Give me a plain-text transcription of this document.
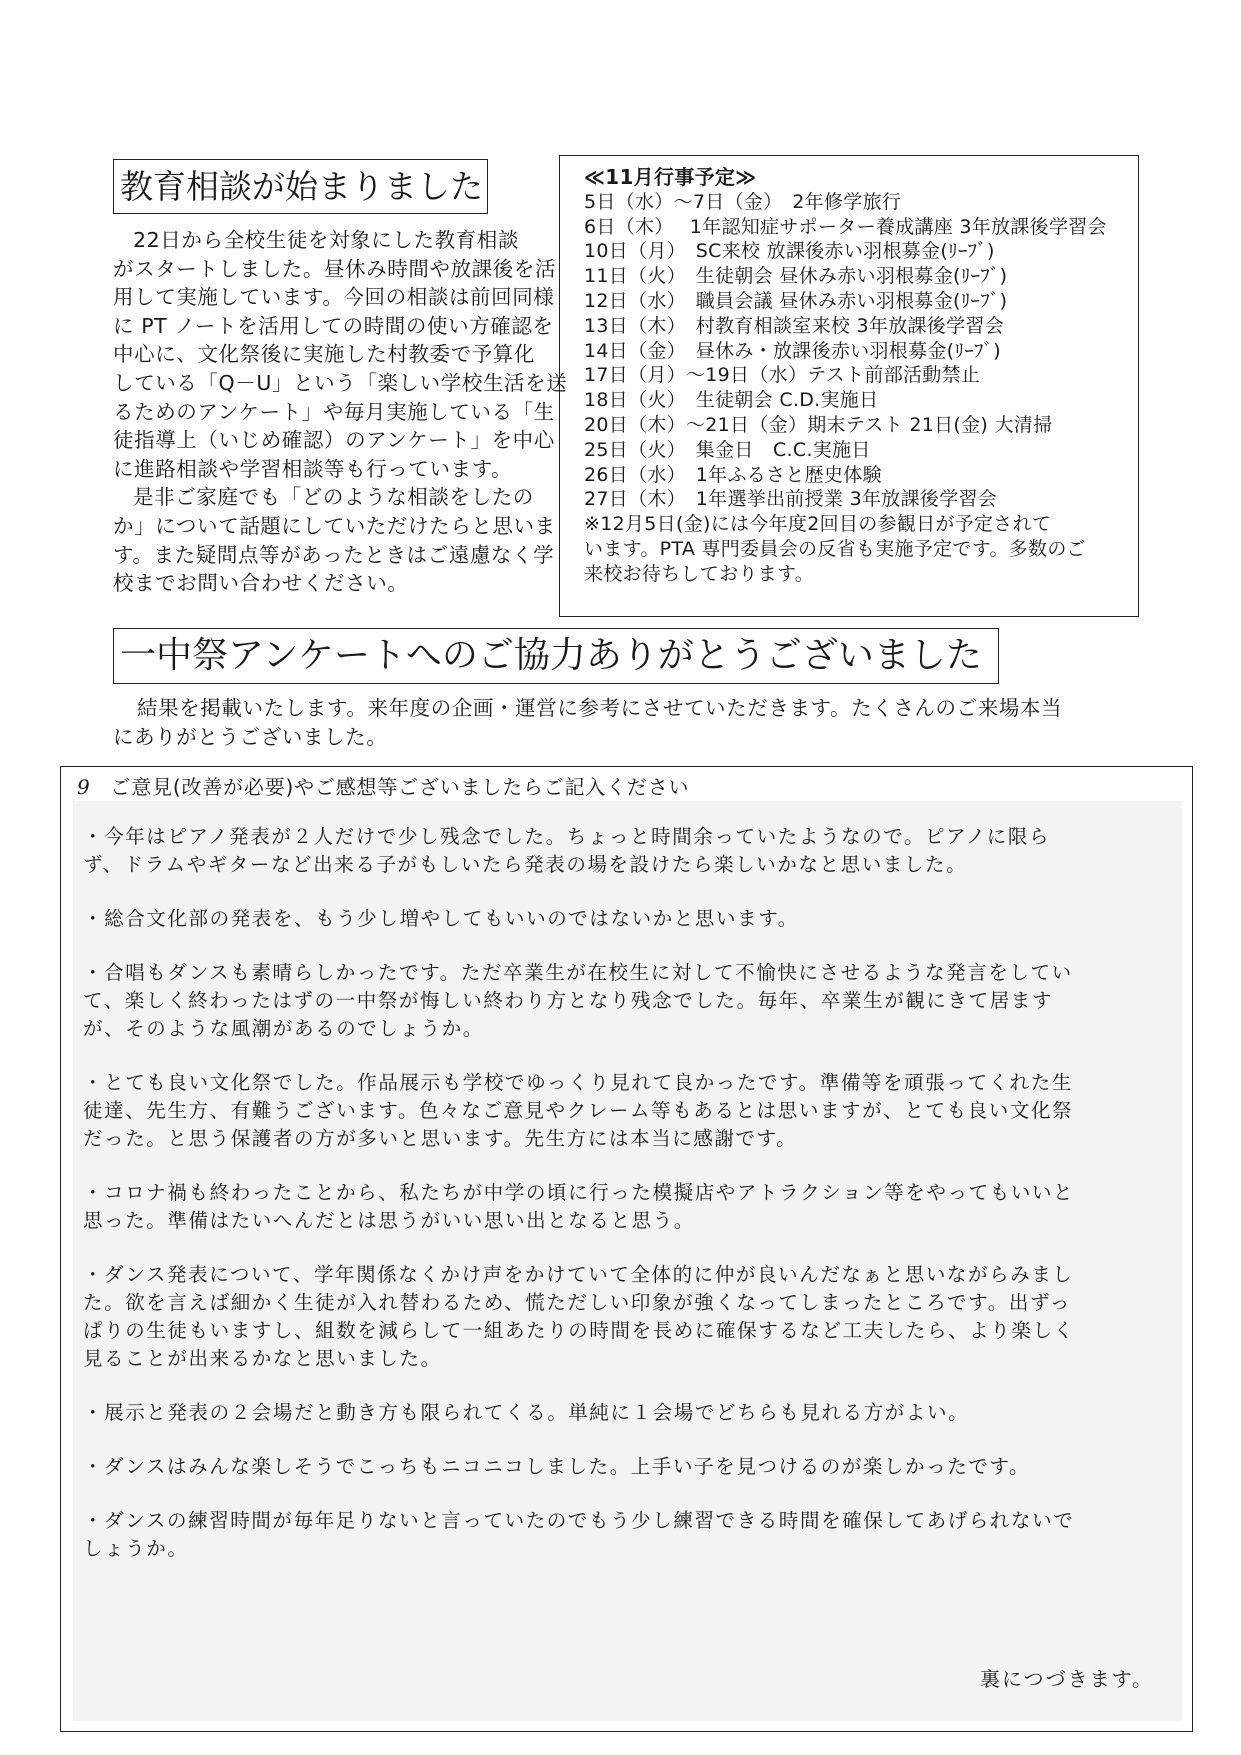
教育相談が始まりました
22日から全校生徒を対象にした教育相談
がスタートしました。昼休み時間や放課後を活
用して実施しています。今回の相談は前回同様
に PT ノートを活用しての時間の使い方確認を
中心に、文化祭後に実施した村教委で予算化
している「Q－U」という「楽しい学校生活を送
るためのアンケート」や毎月実施している「生
徒指導上（いじめ確認）のアンケート」を中心
に進路相談や学習相談等も行っています。
是非ご家庭でも「どのような相談をしたの
か」について話題にしていただけたらと思いま
す。また疑問点等があったときはご遠慮なく学
校までお問い合わせください。
≪11月行事予定≫
5日（水）～7日（金）　2年修学旅行
6日（木）　 1年認知症サポーター養成講座 3年放課後学習会
10日（月）　SC来校 放課後赤い羽根募金(ﾘｰﾌﾞ)
11日（火）　生徒朝会 昼休み赤い羽根募金(ﾘｰﾌﾞ)
12日（水）　職員会議 昼休み赤い羽根募金(ﾘｰﾌﾞ)
13日（木）　村教育相談室来校 3年放課後学習会
14日（金）　昼休み・放課後赤い羽根募金(ﾘｰﾌﾞ)
17日（月）～19日（水）テスト前部活動禁止
18日（火）　生徒朝会 C.D.実施日
20日（木）～21日（金）期末テスト 21日(金) 大清掃
25日（火）　集金日　C.C.実施日
26日（水）　1年ふるさと歴史体験
27日（木）　1年選挙出前授業 3年放課後学習会
※12月5日(金)には今年度2回目の参観日が予定されて
います。PTA 専門委員会の反省も実施予定です。多数のご
来校お待ちしております。
一中祭アンケートへのご協力ありがとうございました
結果を掲載いたします。来年度の企画・運営に参考にさせていただきます。たくさんのご来場本当
にありがとうございました。
9 ご意見(改善が必要)やご感想等ございましたらご記入ください
・今年はピアノ発表が２人だけで少し残念でした。ちょっと時間余っていたようなので。ピアノに限ら
ず、ドラムやギターなど出来る子がもしいたら発表の場を設けたら楽しいかなと思いました。
・総合文化部の発表を、もう少し増やしてもいいのではないかと思います。
・合唱もダンスも素晴らしかったです。ただ卒業生が在校生に対して不愉快にさせるような発言をしてい
て、楽しく終わったはずの一中祭が悔しい終わり方となり残念でした。毎年、卒業生が観にきて居ます
が、そのような風潮があるのでしょうか。
・とても良い文化祭でした。作品展示も学校でゆっくり見れて良かったです。準備等を頑張ってくれた生
徒達、先生方、有難うございます。色々なご意見やクレーム等もあるとは思いますが、とても良い文化祭
だった。と思う保護者の方が多いと思います。先生方には本当に感謝です。
・コロナ禍も終わったことから、私たちが中学の頃に行った模擬店やアトラクション等をやってもいいと
思った。準備はたいへんだとは思うがいい思い出となると思う。
・ダンス発表について、学年関係なくかけ声をかけていて全体的に仲が良いんだなぁと思いながらみまし
た。欲を言えば細かく生徒が入れ替わるため、慌ただしい印象が強くなってしまったところです。出ずっ
ぱりの生徒もいますし、組数を減らして一組あたりの時間を長めに確保するなど工夫したら、より楽しく
見ることが出来るかなと思いました。
・展示と発表の２会場だと動き方も限られてくる。単純に１会場でどちらも見れる方がよい。
・ダンスはみんな楽しそうでこっちもニコニコしました。上手い子を見つけるのが楽しかったです。
・ダンスの練習時間が毎年足りないと言っていたのでもう少し練習できる時間を確保してあげられないで
しょうか。
裏につづきます。
